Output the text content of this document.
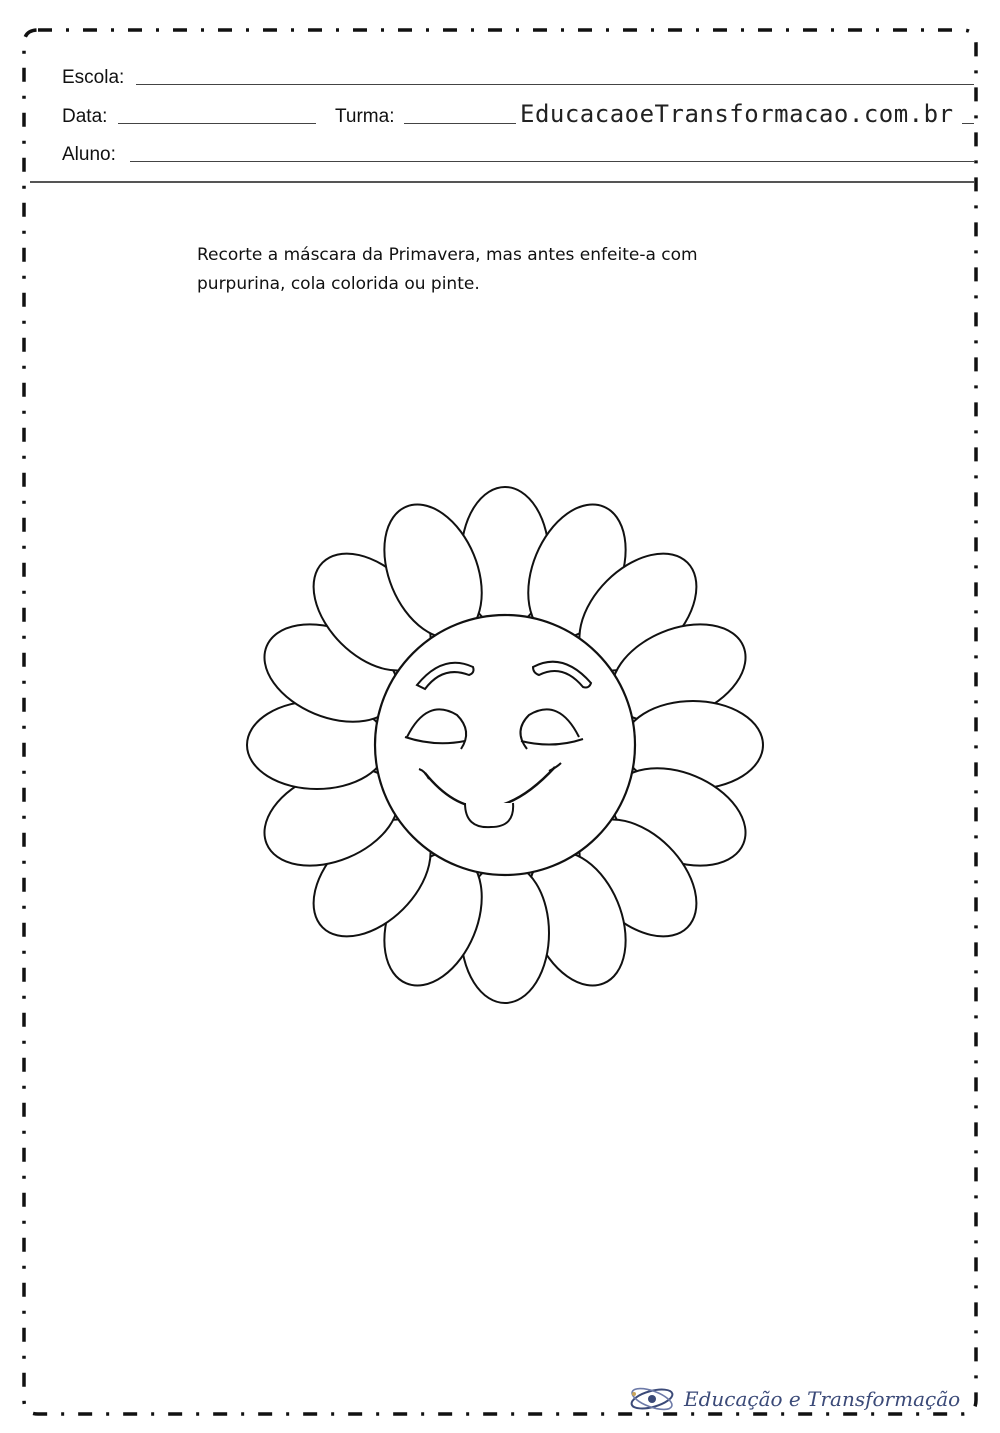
Escola:
Data:	Turma:	EducacaoeTransformacao.com.br
Aluno:
Recorte a máscara da Primavera, mas antes enfeite-a com
purpurina, cola colorida ou pinte.
Educação e Transformação
